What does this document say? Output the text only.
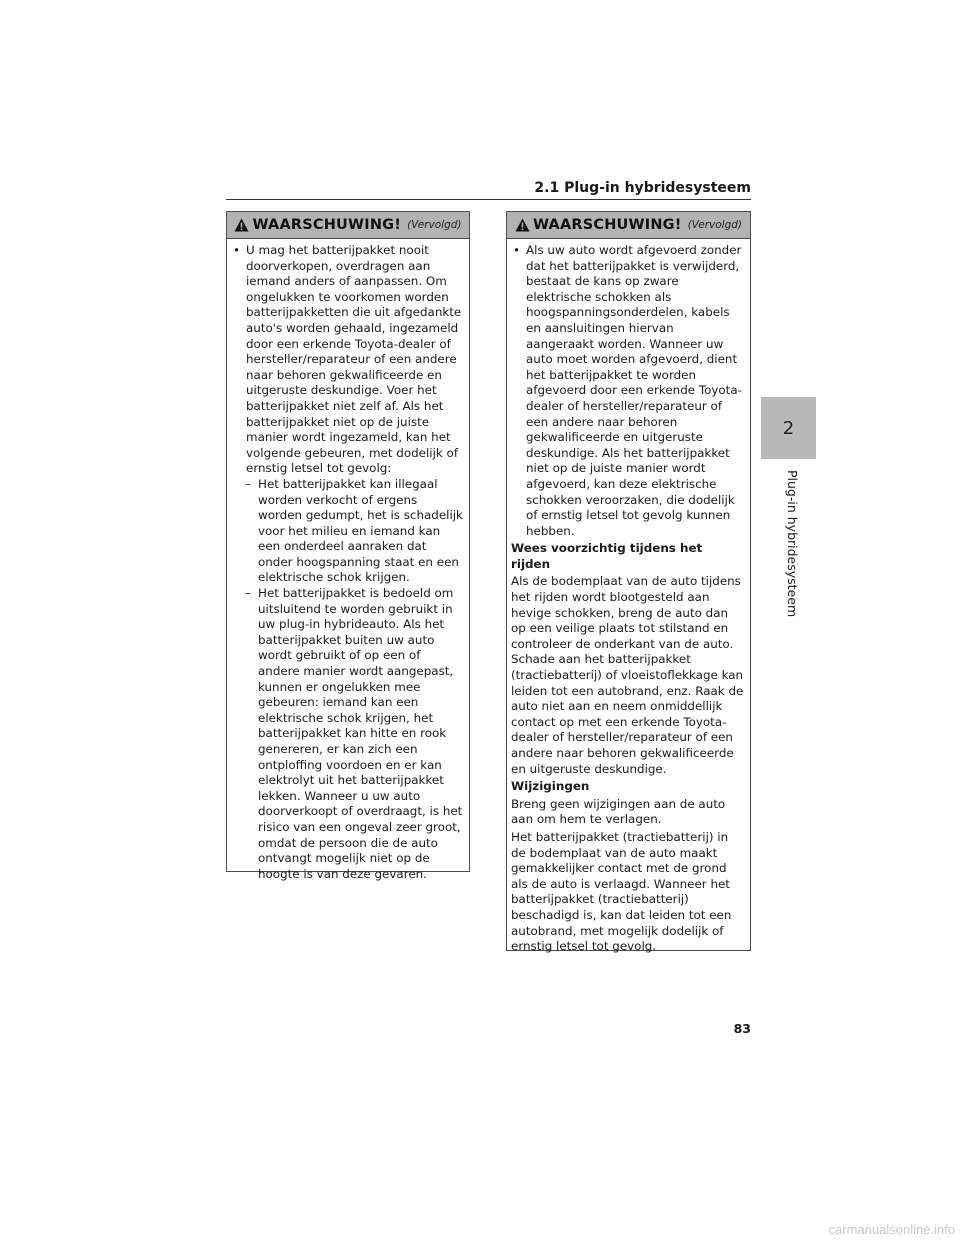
2.1 Plug-in hybridesysteem
2
Plug-in hybridesysteem
WAARSCHUWING! (Vervolgd)
• U mag het batterijpakket nooit doorverkopen, overdragen aan iemand anders of aanpassen. Om ongelukken te voorkomen worden batterijpakketten die uit afgedankte auto's worden gehaald, ingezameld door een erkende Toyota-dealer of hersteller/reparateur of een andere naar behoren gekwalificeerde en uitgeruste deskundige. Voer het batterijpakket niet zelf af. Als het batterijpakket niet op de juiste manier wordt ingezameld, kan het volgende gebeuren, met dodelijk of ernstig letsel tot gevolg:
– Het batterijpakket kan illegaal worden verkocht of ergens worden gedumpt, het is schadelijk voor het milieu en iemand kan een onderdeel aanraken dat onder hoogspanning staat en een elektrische schok krijgen.
– Het batterijpakket is bedoeld om uitsluitend te worden gebruikt in uw plug-in hybrideauto. Als het batterijpakket buiten uw auto wordt gebruikt of op een of andere manier wordt aangepast, kunnen er ongelukken mee gebeuren: iemand kan een elektrische schok krijgen, het batterijpakket kan hitte en rook genereren, er kan zich een ontploffing voordoen en er kan elektrolyt uit het batterijpakket lekken. Wanneer u uw auto doorverkoopt of overdraagt, is het risico van een ongeval zeer groot, omdat de persoon die de auto ontvangt mogelijk niet op de hoogte is van deze gevaren.
WAARSCHUWING! (Vervolgd)
• Als uw auto wordt afgevoerd zonder dat het batterijpakket is verwijderd, bestaat de kans op zware elektrische schokken als hoogspanningsonderdelen, kabels en aansluitingen hiervan aangeraakt worden. Wanneer uw auto moet worden afgevoerd, dient het batterijpakket te worden afgevoerd door een erkende Toyota-dealer of hersteller/reparateur of een andere naar behoren gekwalificeerde en uitgeruste deskundige. Als het batterijpakket niet op de juiste manier wordt afgevoerd, kan deze elektrische schokken veroorzaken, die dodelijk of ernstig letsel tot gevolg kunnen hebben.
Wees voorzichtig tijdens het rijden
Als de bodemplaat van de auto tijdens het rijden wordt blootgesteld aan hevige schokken, breng de auto dan op een veilige plaats tot stilstand en controleer de onderkant van de auto. Schade aan het batterijpakket (tractiebatterij) of vloeistoflekkage kan leiden tot een autobrand, enz. Raak de auto niet aan en neem onmiddellijk contact op met een erkende Toyota-dealer of hersteller/reparateur of een andere naar behoren gekwalificeerde en uitgeruste deskundige.
Wijzigingen
Breng geen wijzigingen aan de auto aan om hem te verlagen.
Het batterijpakket (tractiebatterij) in de bodemplaat van de auto maakt gemakkelijker contact met de grond als de auto is verlaagd. Wanneer het batterijpakket (tractiebatterij) beschadigd is, kan dat leiden tot een autobrand, met mogelijk dodelijk of ernstig letsel tot gevolg.
83
carmanualsonline.info
